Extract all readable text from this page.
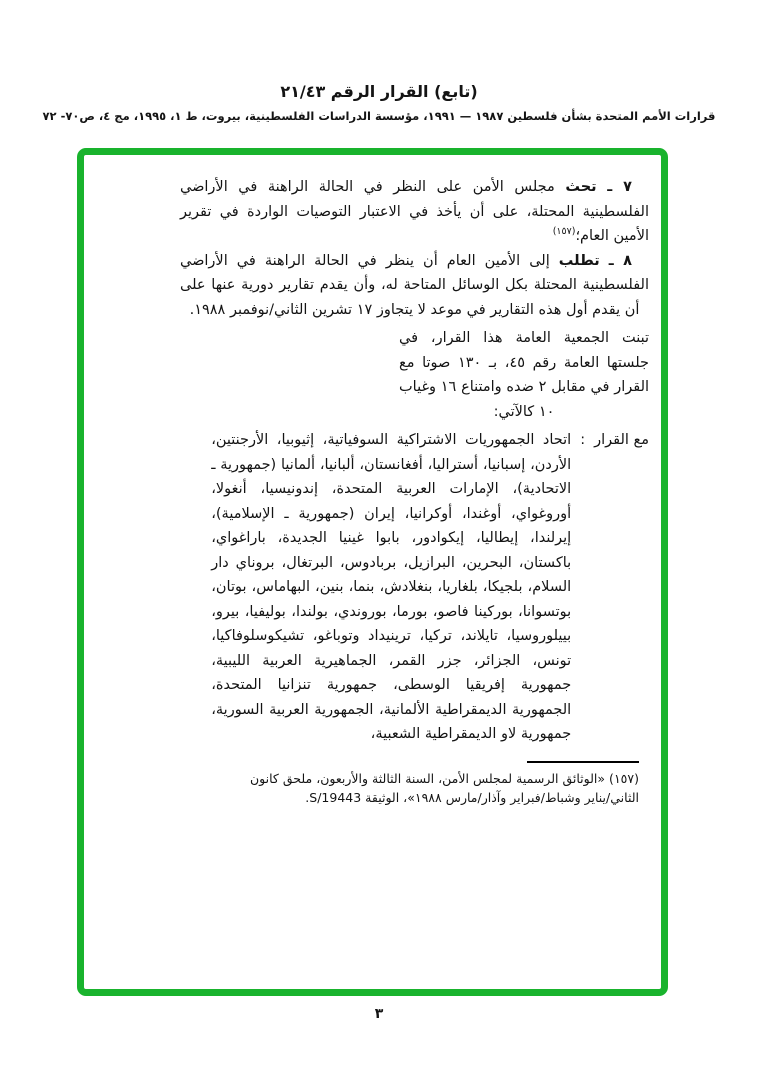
(تابع) القرار الرقم ٢١/٤٣
قرارات الأمم المتحدة بشأن فلسطين ١٩٨٧ — ١٩٩١، مؤسسة الدراسات الفلسطينية، بيروت، ط ١، ١٩٩٥، مج ٤، ص٧٠- ٧٢

٧ ـ تحث مجلس الأمن على النظر في الحالة الراهنة في الأراضي الفلسطينية المحتلة، على أن يأخذ في الاعتبار التوصيات الواردة في تقرير الأمين العام؛$^{(١٥٧)}$

٨ ـ تطلب إلى الأمين العام أن ينظر في الحالة الراهنة في الأراضي الفلسطينية المحتلة بكل الوسائل المتاحة له، وأن يقدم تقارير دورية عنها على أن يقدم أول هذه التقارير في موعد لا يتجاوز ١٧ تشرين الثاني/نوفمبر ١٩٨٨.

تبنت الجمعية العامة هذا القرار، في جلستها العامة رقم ٤٥، بـ ١٣٠ صوتا مع القرار في مقابل ٢ ضده وامتناع ١٦ وغياب ١٠ كالآتي:

مع القرار
:
اتحاد الجمهوريات الاشتراكية السوفياتية، إثيوبيا، الأرجنتين، الأردن، إسبانيا، أستراليا، أفغانستان، ألبانيا، ألمانيا (جمهورية ـ الاتحادية)، الإمارات العربية المتحدة، إندونيسيا، أنغولا، أوروغواي، أوغندا، أوكرانيا، إيران (جمهورية ـ الإسلامية)، إيرلندا، إيطاليا، إيكوادور، بابوا غينيا الجديدة، باراغواي، باكستان، البحرين، البرازيل، بربادوس، البرتغال، بروناي دار السلام، بلجيكا، بلغاريا، بنغلادش، بنما، بنين، البهاماس، بوتان، بوتسوانا، بوركينا فاصو، بورما، بوروندي، بولندا، بوليفيا، بيرو، بييلوروسيا، تايلاند، تركيا، ترينيداد وتوباغو، تشيكوسلوفاكيا، تونس، الجزائر، جزر القمر، الجماهيرية العربية الليبية، جمهورية إفريقيا الوسطى، جمهورية تنزانيا المتحدة، الجمهورية الديمقراطية الألمانية، الجمهورية العربية السورية، جمهورية لاو الديمقراطية الشعبية،

(١٥٧) «الوثائق الرسمية لمجلس الأمن، السنة الثالثة والأربعون، ملحق كانون الثاني/يناير وشباط/فبراير وآذار/مارس ١٩٨٨»، الوثيقة S/19443.

٣
